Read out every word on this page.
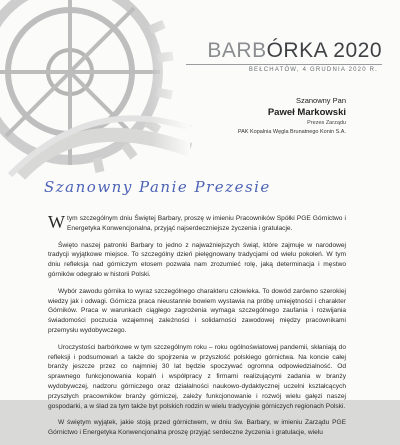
BARBÓRKA 2020
BEŁCHATÓW, 4 GRUDNIA 2020 R.
Szanowny Pan
Paweł Markowski
Prezes Zarządu
PAK Kopalnia Węgla Brunatnego Konin S.A.
Szanowny Panie Prezesie

Wtym szczególnym dniu Świętej Barbary, proszę w imieniu Pracowników Spółki PGE Górnictwo i Energetyka Konwencjonalna, przyjąć najserdeczniejsze życzenia i gratulacje.

Święto naszej patronki Barbary to jedno z najważniejszych świąt, które zajmuje w narodowej tradycji wyjątkowe miejsce. To szczególny dzień pielęgnowany tradycjami od wielu pokoleń. W tym dniu refleksja nad górniczym etosem pozwala nam zrozumieć rolę, jaką determinacja i męstwo górników odegrało w historii Polski.

Wybór zawodu górnika to wyraz szczególnego charakteru człowieka. To dowód zarówno szerokiej wiedzy jak i odwagi. Górnicza praca nieustannie bowiem wystawia na próbę umiejętności i charakter Górników. Praca w warunkach ciągłego zagrożenia wymaga szczególnego zaufania i rozwijania świadomości poczucia wzajemnej zależności i solidarności zawodowej między pracownikami przemysłu wydobywczego.

Uroczystości barbórkowe w tym szczególnym roku – roku ogólnoświatowej pandemii, skłaniają do refleksji i podsumowań a także do spojrzenia w przyszłość polskiego górnictwa. Na koncie całej branży jeszcze przez co najmniej 30 lat będzie spoczywać ogromna odpowiedzialność. Od sprawnego funkcjonowania kopalń i współpracy z firmami realizującymi zadania w branży wydobywczej, nadzoru górniczego oraz działalności naukowo-dydaktycznej uczelni kształcących przyszłych pracowników branży górniczej, zależy funkcjonowanie i rozwój wielu gałęzi naszej gospodarki, a w ślad za tym także byt polskich rodzin w wielu tradycyjnie górniczych regionach Polski.

W świętym wyjątek, jakie stoją przed górnictwem, w dniu św. Barbary, w imieniu Zarządu PGE Górnictwo i Energetyka Konwencjonalna proszę przyjąć serdeczne życzenia i gratulacje, wielu
